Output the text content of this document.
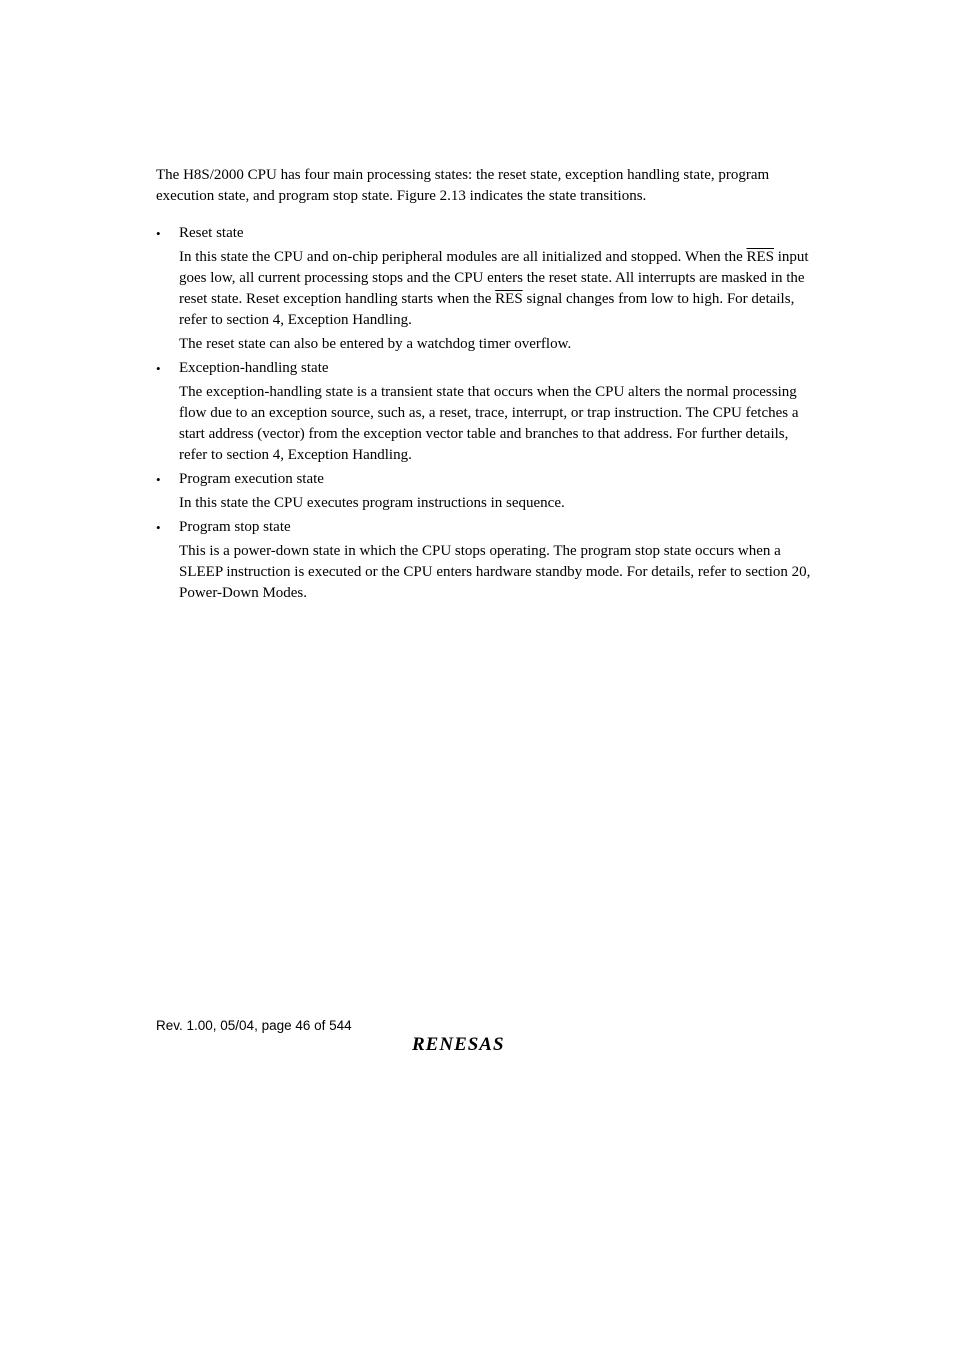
The H8S/2000 CPU has four main processing states: the reset state, exception handling state, program execution state, and program stop state. Figure 2.13 indicates the state transitions.

•	Reset state

In this state the CPU and on-chip peripheral modules are all initialized and stopped. When the $\overline{RES}$ input goes low, all current processing stops and the CPU enters the reset state. All interrupts are masked in the reset state. Reset exception handling starts when the $\overline{RES}$ signal changes from low to high. For details, refer to section 4, Exception Handling.

The reset state can also be entered by a watchdog timer overflow.

•	Exception-handling state

The exception-handling state is a transient state that occurs when the CPU alters the normal processing flow due to an exception source, such as, a reset, trace, interrupt, or trap instruction. The CPU fetches a start address (vector) from the exception vector table and branches to that address. For further details, refer to section 4, Exception Handling.

•	Program execution state

In this state the CPU executes program instructions in sequence.

•	Program stop state

This is a power-down state in which the CPU stops operating. The program stop state occurs when a SLEEP instruction is executed or the CPU enters hardware standby mode. For details, refer to section 20, Power-Down Modes.

Rev. 1.00, 05/04, page 46 of 544
RENESAS
